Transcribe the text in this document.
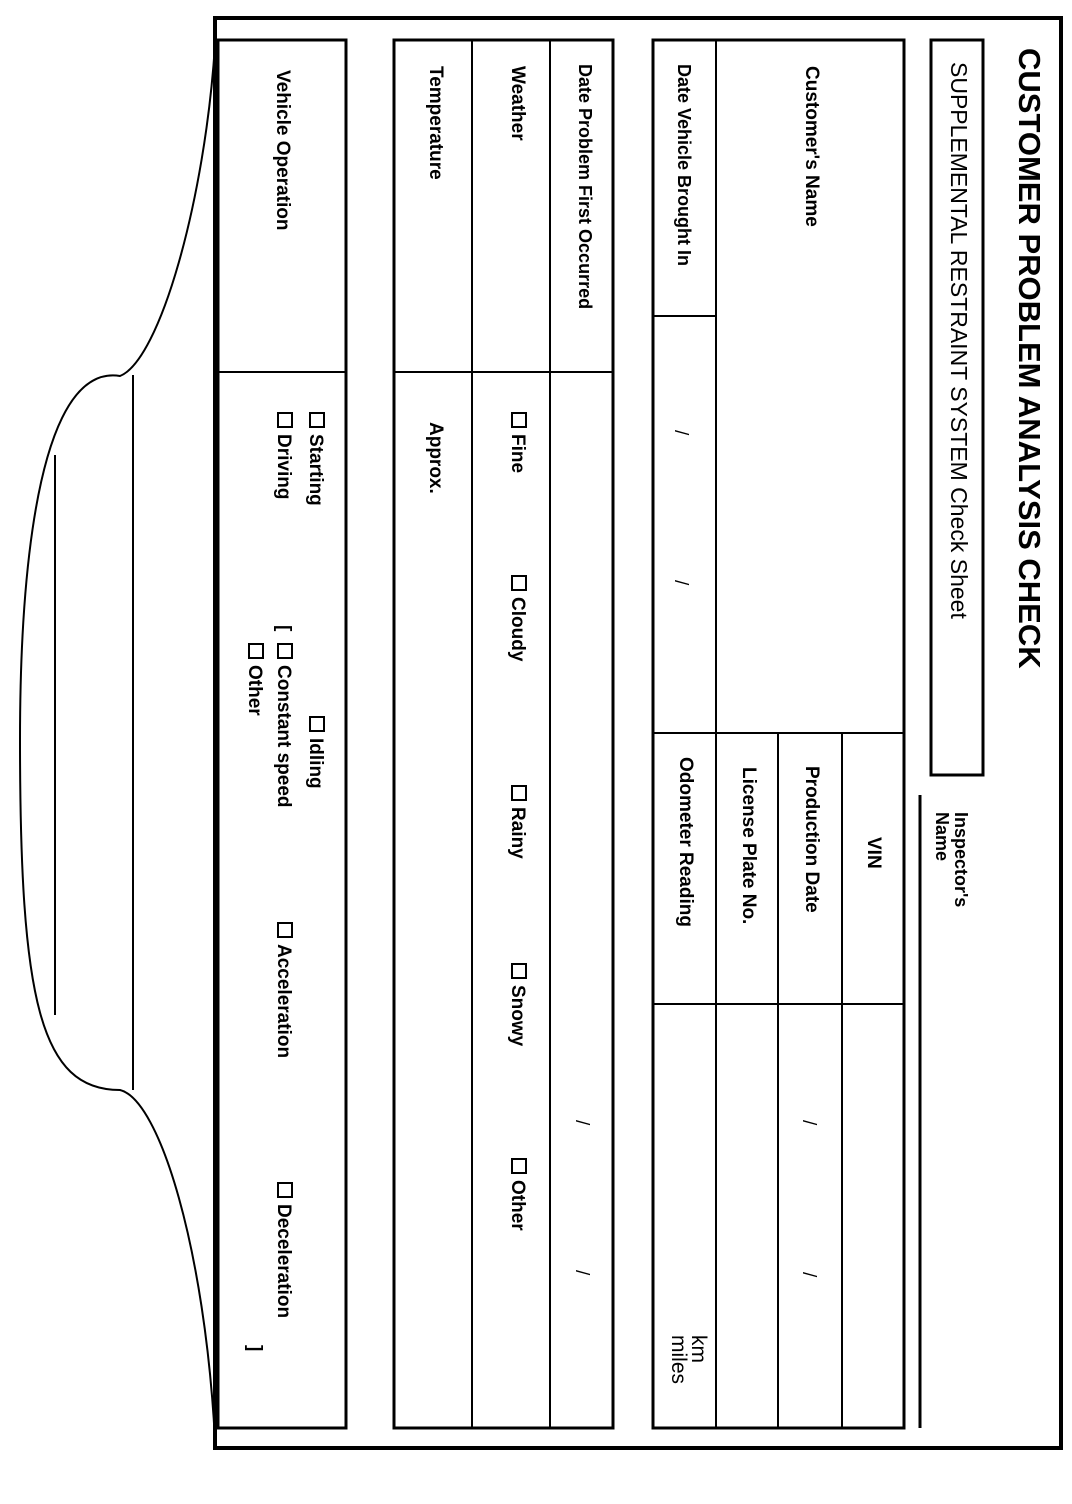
CUSTOMER PROBLEM ANALYSIS CHECK
SUPPLEMENTAL RESTRAINT SYSTEM Check Sheet
Inspector's
Name
Customer's Name
Date Vehicle Brought In
/
/
VIN
Production Date
/
/
License Plate No.
Odometer Reading
km
miles
Date Problem First Occurred
/
/
Weather
Fine
Cloudy
Rainy
Snowy
Other
Temperature
Approx.
Vehicle Operation
Starting
Driving
Idling
[
Constant speed
Other
Acceleration
Deceleration
]
